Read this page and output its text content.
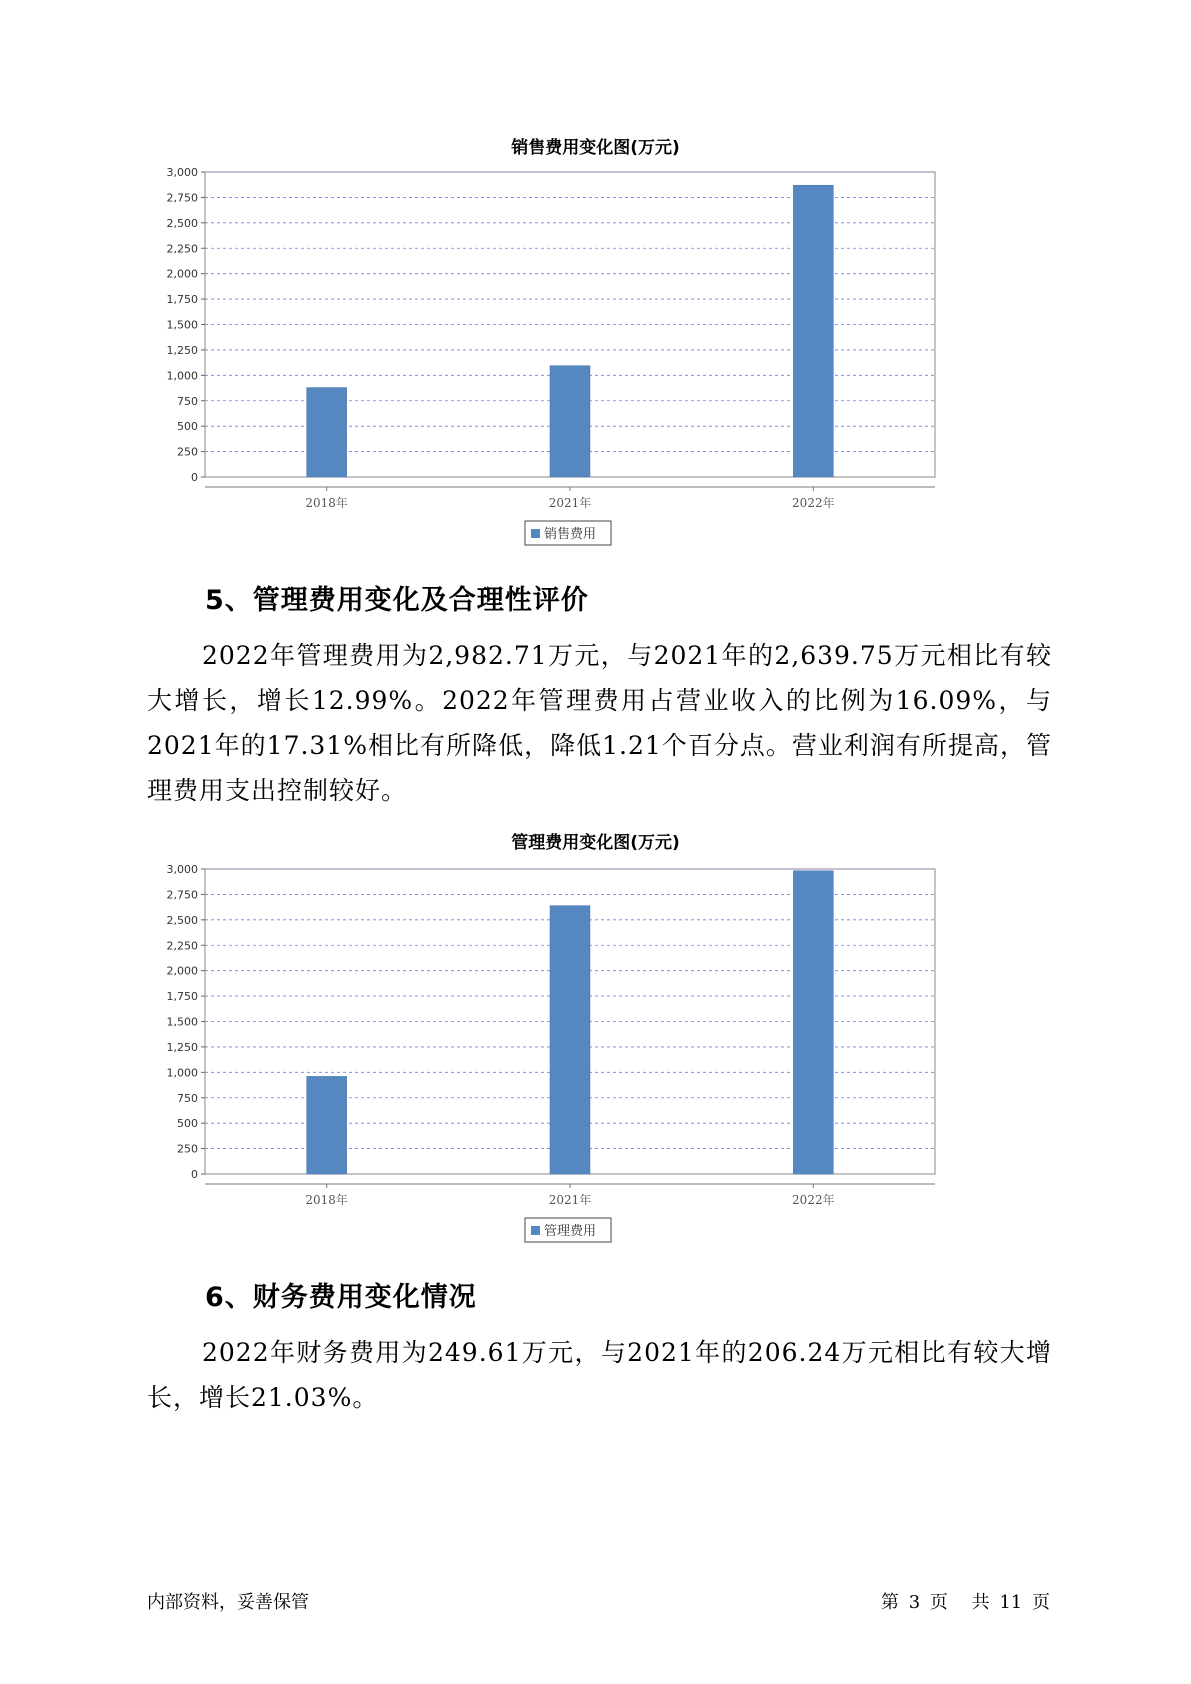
销售费用变化图(万元)
0
250
500
750
1,000
1,250
1,500
1,750
2,000
2,250
2,500
2,750
3,000
2018年	2021年	2022年
销售费用
5、管理费用变化及合理性评价

2022年管理费用为2,982.71万元，与2021年的2,639.75万元相比有较大增长，增长12.99%。2022年管理费用占营业收入的比例为16.09%，与2021年的17.31%相比有所降低，降低1.21个百分点。营业利润有所提高，管理费用支出控制较好。

管理费用变化图(万元)
0
250
500
750
1,000
1,250
1,500
1,750
2,000
2,250
2,500
2,750
3,000
2018年	2021年	2022年
管理费用
6、财务费用变化情况

2022年财务费用为249.61万元，与2021年的206.24万元相比有较大增长，增长21.03%。

内部资料，妥善保管	第 3 页 共 11 页
